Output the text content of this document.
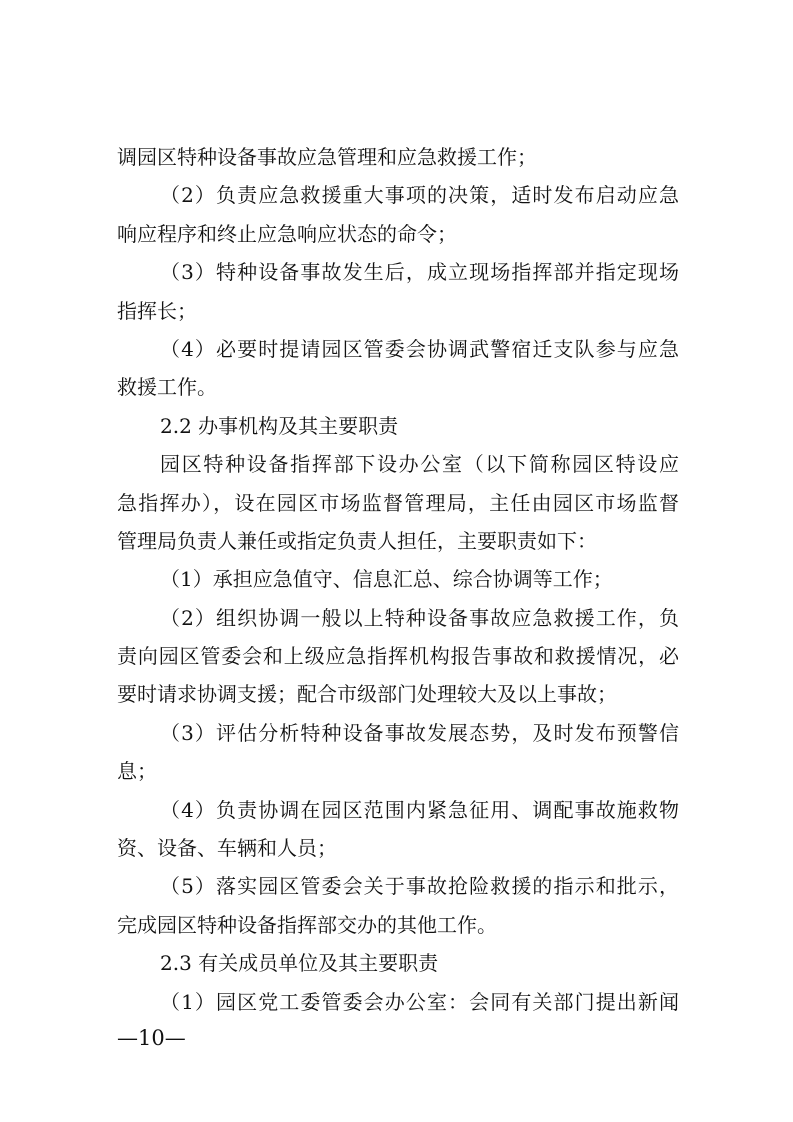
调园区特种设备事故应急管理和应急救援工作；
（2）负责应急救援重大事项的决策，适时发布启动应急
响应程序和终止应急响应状态的命令；
（3）特种设备事故发生后，成立现场指挥部并指定现场
指挥长；
（4）必要时提请园区管委会协调武警宿迁支队参与应急
救援工作。
2.2 办事机构及其主要职责
园区特种设备指挥部下设办公室（以下简称园区特设应
急指挥办），设在园区市场监督管理局，主任由园区市场监督
管理局负责人兼任或指定负责人担任，主要职责如下：
（1）承担应急值守、信息汇总、综合协调等工作；
（2）组织协调一般以上特种设备事故应急救援工作，负
责向园区管委会和上级应急指挥机构报告事故和救援情况，必
要时请求协调支援；配合市级部门处理较大及以上事故；
（3）评估分析特种设备事故发展态势，及时发布预警信
息；
（4）负责协调在园区范围内紧急征用、调配事故施救物
资、设备、车辆和人员；
（5）落实园区管委会关于事故抢险救援的指示和批示，
完成园区特种设备指挥部交办的其他工作。
2.3 有关成员单位及其主要职责
（1）园区党工委管委会办公室：会同有关部门提出新闻
—10—
